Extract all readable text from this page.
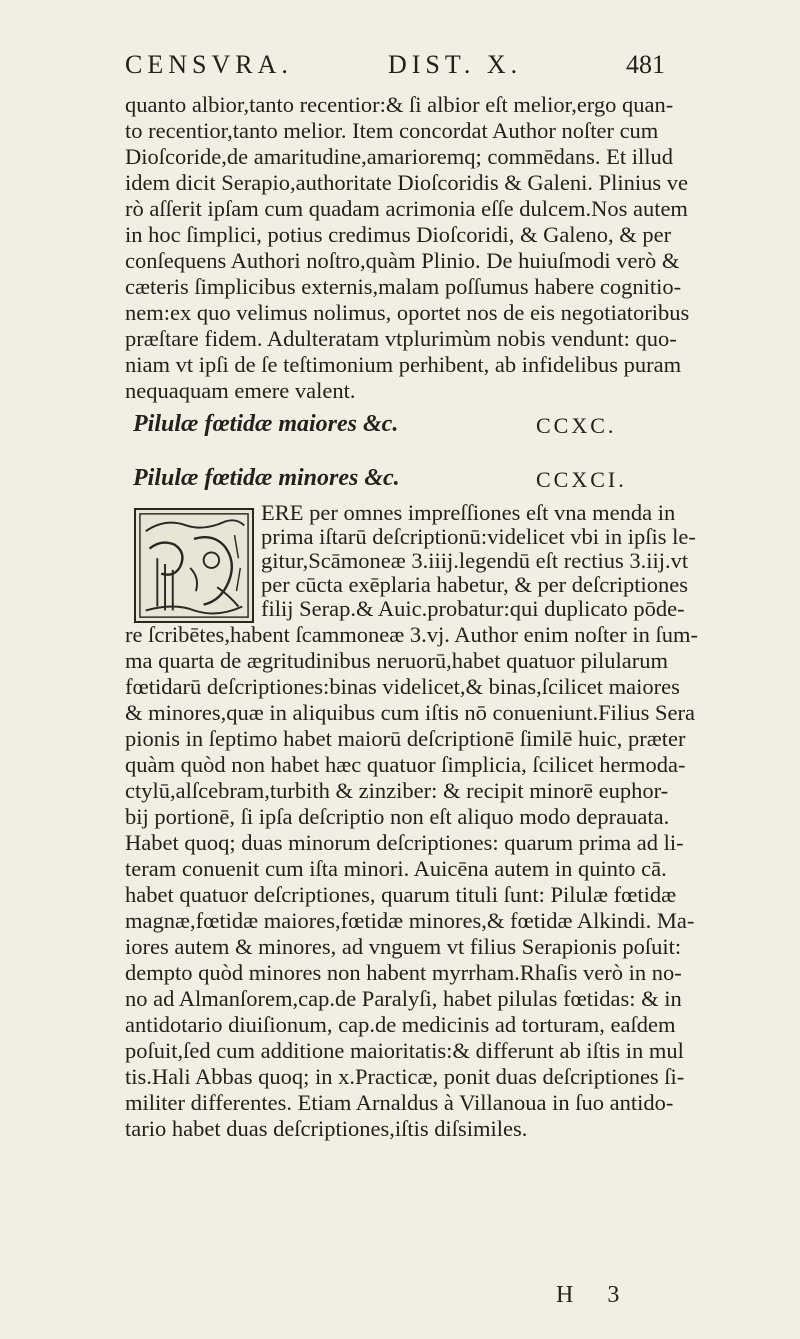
CENSVRA.	DIST. X.	481
quanto albior,tanto recentior:& ſi albior eſt melior,ergo quan-
to recentior,tanto melior. Item concordat Author noſter cum
Dioſcoride,de amaritudine,amarioremq; commēdans. Et illud
idem dicit Serapio,authoritate Dioſcoridis & Galeni. Plinius ve
rò aſſerit ipſam cum quadam acrimonia eſſe dulcem.Nos autem
in hoc ſimplici, potius credimus Dioſcoridi, & Galeno, & per
conſequens Authori noſtro,quàm Plinio. De huiuſmodi verò &
cæteris ſimplicibus externis,malam poſſumus habere cognitio-
nem:ex quo velimus nolimus, oportet nos de eis negotiatoribus
præſtare fidem. Adulteratam vtplurimùm nobis vendunt: quo-
niam vt ipſi de ſe teſtimonium perhibent, ab infidelibus puram
nequaquam emere valent.
Pilulæ fœtidæ maiores &c.	CCXC.
Pilulæ fœtidæ minores &c.	CCXCI.
ERE per omnes impreſſiones eſt vna menda in
prima iſtarū deſcriptionū:videlicet vbi in ipſis le-
gitur,Scāmoneæ 3.iiij.legendū eſt rectius 3.iij.vt
per cūcta exēplaria habetur, & per deſcriptiones
filij Serap.& Auic.probatur:qui duplicato pōde-
re ſcribētes,habent ſcammoneæ 3.vj. Author enim noſter in ſum-
ma quarta de ægritudinibus neruorū,habet quatuor pilularum
fœtidarū deſcriptiones:binas videlicet,& binas,ſcilicet maiores
& minores,quæ in aliquibus cum iſtis nō conueniunt.Filius Sera
pionis in ſeptimo habet maiorū deſcriptionē ſimilē huic, præter
quàm quòd non habet hæc quatuor ſimplicia, ſcilicet hermoda-
ctylū,alſcebram,turbith & zinziber: & recipit minorē euphor-
bij portionē, ſi ipſa deſcriptio non eſt aliquo modo deprauata.
Habet quoq; duas minorum deſcriptiones: quarum prima ad li-
teram conuenit cum iſta minori. Auicēna autem in quinto cā.
habet quatuor deſcriptiones, quarum tituli ſunt: Pilulæ fœtidæ
magnæ,fœtidæ maiores,fœtidæ minores,& fœtidæ Alkindi. Ma-
iores autem & minores, ad vnguem vt filius Serapionis poſuit:
dempto quòd minores non habent myrrham.Rhaſis verò in no-
no ad Almanſorem,cap.de Paralyſi, habet pilulas fœtidas: & in
antidotario diuiſionum, cap.de medicinis ad torturam, eaſdem
poſuit,ſed cum additione maioritatis:& differunt ab iſtis in mul
tis.Hali Abbas quoq; in x.Practicæ, ponit duas deſcriptiones ſi-
militer differentes. Etiam Arnaldus à Villanoua in ſuo antido-
tario habet duas deſcriptiones,iſtis diſsimiles.
H 3
